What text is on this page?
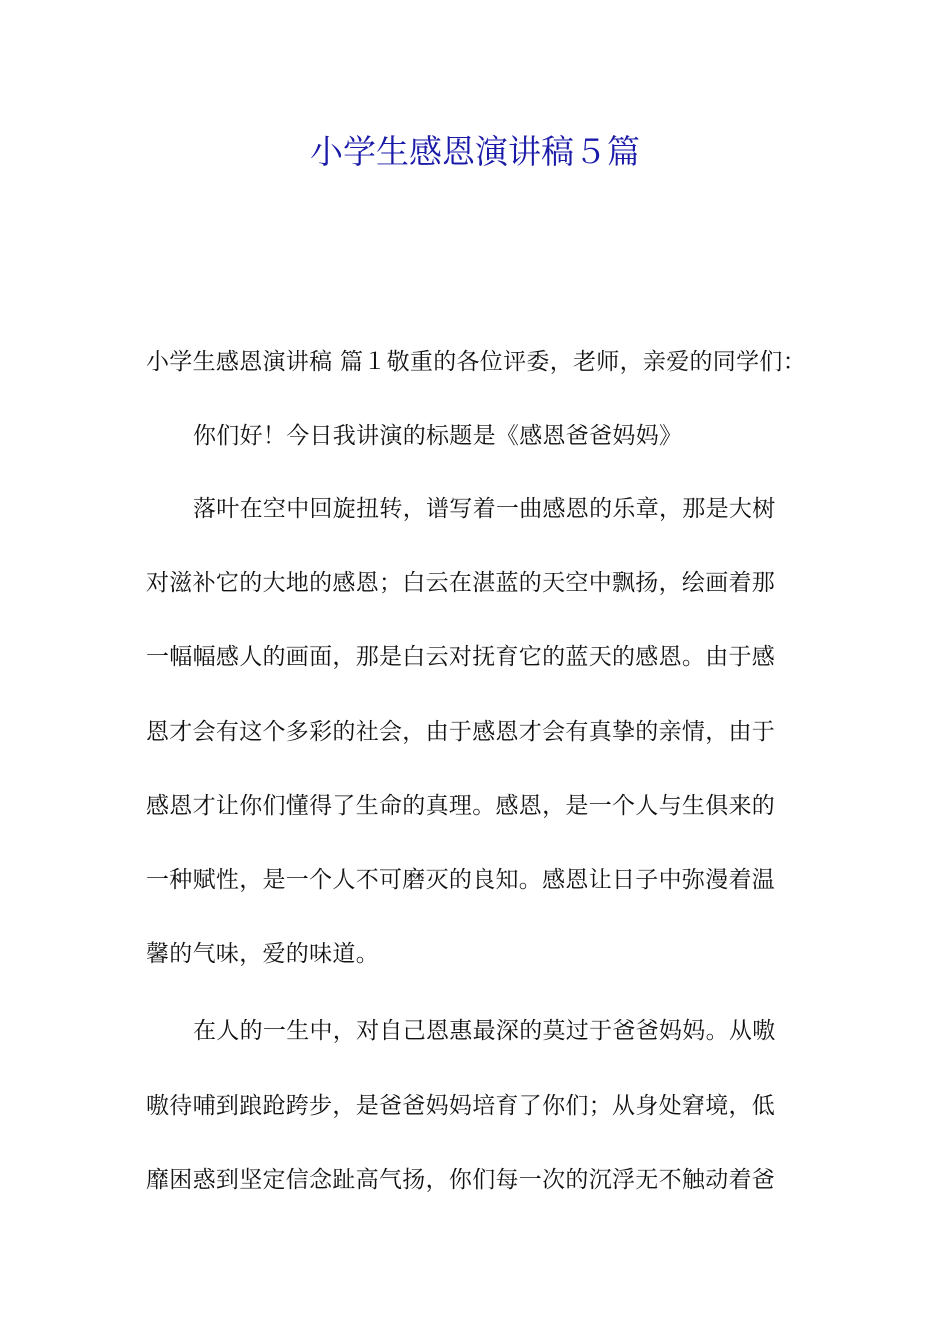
小学生感恩演讲稿５篇
小学生感恩演讲稿 篇１敬重的各位评委，老师，亲爱的同学们：
你们好！今日我讲演的标题是《感恩爸爸妈妈》
落叶在空中回旋扭转，谱写着一曲感恩的乐章，那是大树
对滋补它的大地的感恩；白云在湛蓝的天空中飘扬，绘画着那
一幅幅感人的画面，那是白云对抚育它的蓝天的感恩。由于感
恩才会有这个多彩的社会，由于感恩才会有真挚的亲情，由于
感恩才让你们懂得了生命的真理。感恩，是一个人与生俱来的
一种赋性，是一个人不可磨灭的良知。感恩让日子中弥漫着温
馨的气味，爱的味道。
在人的一生中，对自己恩惠最深的莫过于爸爸妈妈。从嗷
嗷待哺到踉跄跨步，是爸爸妈妈培育了你们；从身处窘境，低
靡困惑到坚定信念趾高气扬，你们每一次的沉浮无不触动着爸
